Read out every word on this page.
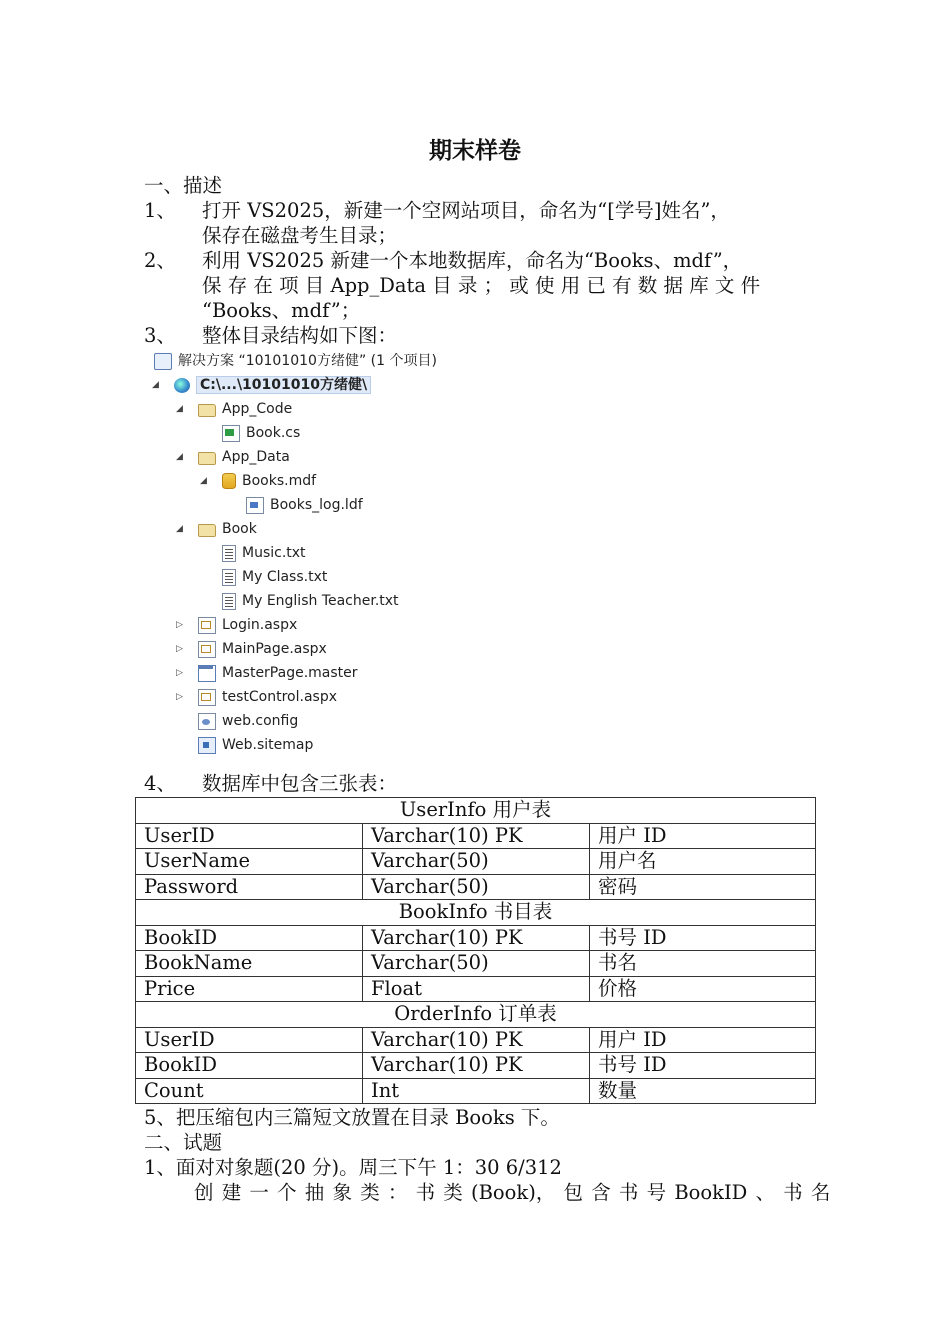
期末样卷
一、描述
1、 打开 VS2025，新建一个空网站项目，命名为“[学号]姓名”，
保存在磁盘考生目录；
2、 利用 VS2025 新建一个本地数据库，命名为“Books、mdf”，
保 存 在 项 目 App_Data 目 录 ； 或 使 用 已 有 数 据 库 文 件
“Books、mdf”；
3、 整体目录结构如下图：
解决方案 “10101010方绪健” (1 个项目)
◢	C:\...\10101010方绪健\
◢	App_Code
Book.cs
◢	App_Data
◢	Books.mdf
Books_log.ldf
◢	Book
Music.txt
My Class.txt
My English Teacher.txt
▷	Login.aspx
▷	MainPage.aspx
▷	MasterPage.master
▷	testControl.aspx
web.config
Web.sitemap
4、 数据库中包含三张表：
UserInfo 用户表		
UserID	Varchar(10) PK	用户 ID
UserName	Varchar(50)	用户名
Password	Varchar(50)	密码
BookInfo 书目表		
BookID	Varchar(10) PK	书号 ID
BookName	Varchar(50)	书名
Price	Float	价格
OrderInfo 订单表		
UserID	Varchar(10) PK	用户 ID
BookID	Varchar(10) PK	书号 ID
Count	Int	数量
5、把压缩包内三篇短文放置在目录 Books 下。
二、试题
1、面对对象题(20 分)。周三下午 1：30 6/312
创 建 一 个 抽 象 类 ： 书 类 (Book)， 包 含 书 号 BookID 、 书 名
